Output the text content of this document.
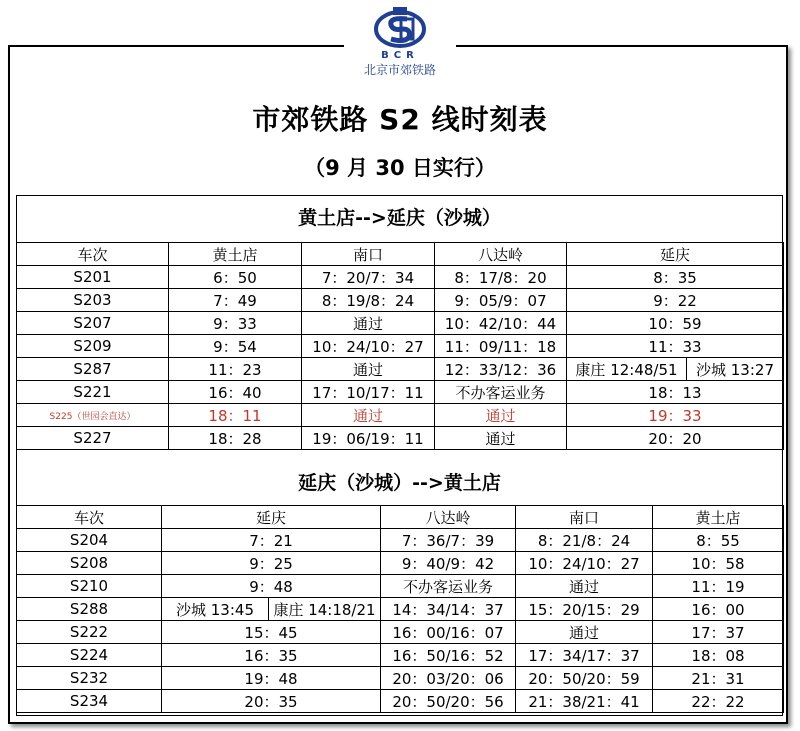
BCR
北京市郊铁路
市郊铁路 S2 线时刻表
（9 月 30 日实行）
黄土店-->延庆（沙城）
车次	黄土店	南口	八达岭	延庆	
S201	6：50	7：20/7：34	8：17/8：20	8：35	
S203	7：49	8：19/8：24	9：05/9：07	9：22	
S207	9：33	通过	10：42/10：44	10：59	
S209	9：54	10：24/10：27	11：09/11：18	11：33	
S287	11：23	通过	12：33/12：36	康庄 12:48/51	沙城 13:27
S221	16：40	17：10/17：11	不办客运业务	18：13	
S225（世园会直达）	18：11	通过	通过	19：33	
S227	18：28	19：06/19：11	通过	20：20	
延庆（沙城）-->黄土店
车次	延庆		八达岭	南口	黄土店
S204	7：21		7：36/7：39	8：21/8：24	8：55
S208	9：25		9：40/9：42	10：24/10：27	10：58
S210	9：48		不办客运业务	通过	11：19
S288	沙城 13:45	康庄 14:18/21	14：34/14：37	15：20/15：29	16：00
S222	15：45		16：00/16：07	通过	17：37
S224	16：35		16：50/16：52	17：34/17：37	18：08
S232	19：48		20：03/20：06	20：50/20：59	21：31
S234	20：35		20：50/20：56	21：38/21：41	22：22
